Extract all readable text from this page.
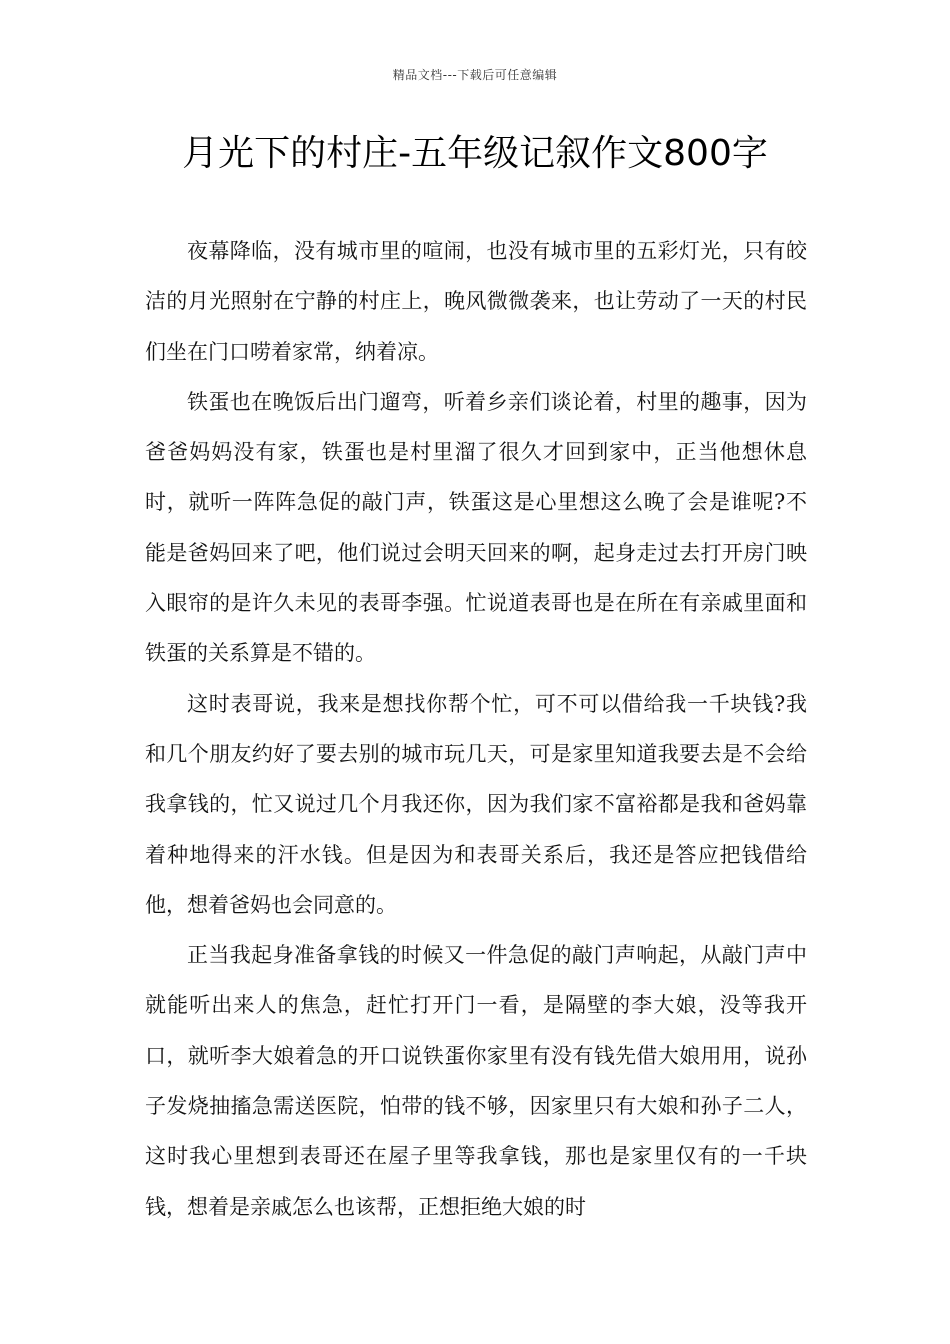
精品文档---下载后可任意编辑
月光下的村庄-五年级记叙作文800字

夜幕降临，没有城市里的喧闹，也没有城市里的五彩灯光，只有皎洁的月光照射在宁静的村庄上，晚风微微袭来，也让劳动了一天的村民们坐在门口唠着家常，纳着凉。

铁蛋也在晚饭后出门遛弯，听着乡亲们谈论着，村里的趣事，因为爸爸妈妈没有家，铁蛋也是村里溜了很久才回到家中，正当他想休息时，就听一阵阵急促的敲门声，铁蛋这是心里想这么晚了会是谁呢?不能是爸妈回来了吧，他们说过会明天回来的啊，起身走过去打开房门映入眼帘的是许久未见的表哥李强。忙说道表哥也是在所在有亲戚里面和铁蛋的关系算是不错的。

这时表哥说，我来是想找你帮个忙，可不可以借给我一千块钱?我和几个朋友约好了要去别的城市玩几天，可是家里知道我要去是不会给我拿钱的，忙又说过几个月我还你，因为我们家不富裕都是我和爸妈靠着种地得来的汗水钱。但是因为和表哥关系后，我还是答应把钱借给他，想着爸妈也会同意的。

正当我起身准备拿钱的时候又一件急促的敲门声响起，从敲门声中就能听出来人的焦急，赶忙打开门一看，是隔壁的李大娘，没等我开口，就听李大娘着急的开口说铁蛋你家里有没有钱先借大娘用用，说孙子发烧抽搐急需送医院，怕带的钱不够，因家里只有大娘和孙子二人，这时我心里想到表哥还在屋子里等我拿钱，那也是家里仅有的一千块钱，想着是亲戚怎么也该帮，正想拒绝大娘的时
